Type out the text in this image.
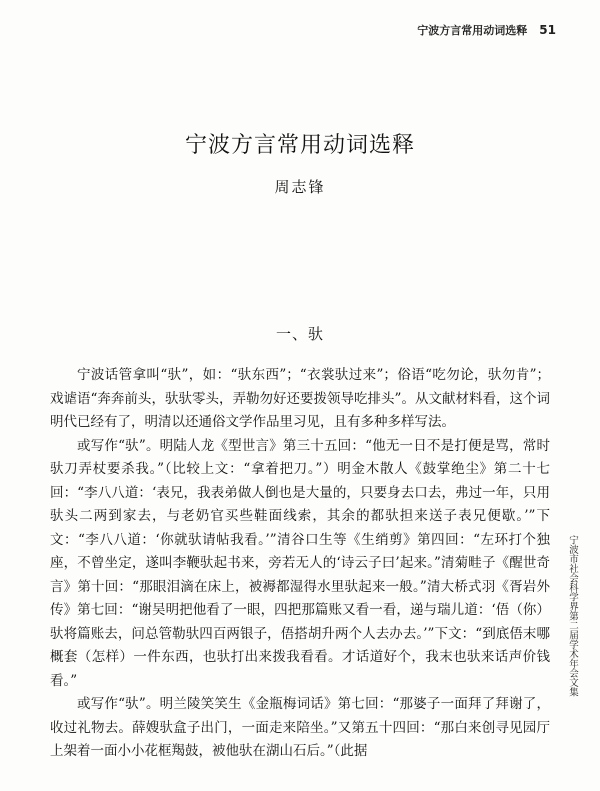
宁波方言常用动词选释 51
宁波方言常用动词选释
周志锋
一、驮

宁波话管拿叫“驮”，如：“驮东西”；“衣裳驮过来”；俗语“吃勿论，驮勿肯”；戏谑语“奔奔前头，驮驮零头，弄勒勿好还要拨领导吃排头”。从文献材料看，这个词明代已经有了，明清以还通俗文学作品里习见，且有多种多样写法。

或写作“驮”。明陆人龙《型世言》第三十五回：“他无一日不是打便是骂，常时驮刀弄杖要杀我。”（比较上文：“拿着把刀。”）明金木散人《鼓掌绝尘》第二十七回：“李八八道：‘表兄，我表弟做人倒也是大量的，只要身去口去，弗过一年，只用驮头二两到家去，与老奶官买些鞋面线索，其余的都驮担来送子表兄便歇。’”下文：“李八八道：‘你就驮请帖我看。’”清谷口生等《生绡剪》第四回：“左环打个独座，不曾坐定，遂叫李鞭驮起书来，旁若无人的‘诗云子曰’起来。”清菊畦子《醒世奇言》第十回：“那眼泪滴在床上，被褥都湿得水里驮起来一般。”清大桥式羽《胥岩外传》第七回：“谢吴明把他看了一眼，四把那篇账又看一看，递与瑞儿道：‘俉（你）驮将篇账去，问总管勒驮四百两银子，俉搭胡升两个人去办去。’”下文：“到底俉末哪概套（怎样）一件东西，也驮打出来拨我看看。才话道好个，我末也驮来话声价钱看。”

或写作“驮”。明兰陵笑笑生《金瓶梅词话》第七回：“那婆子一面拜了拜谢了，收过礼物去。薛嫂驮盒子出门，一面走来陪坐。”又第五十四回：“那白来创寻见园厅上架着一面小小花框羯鼓，被他驮在湖山石后。”（此据

宁波市社会科学界第二届学术年会文集
